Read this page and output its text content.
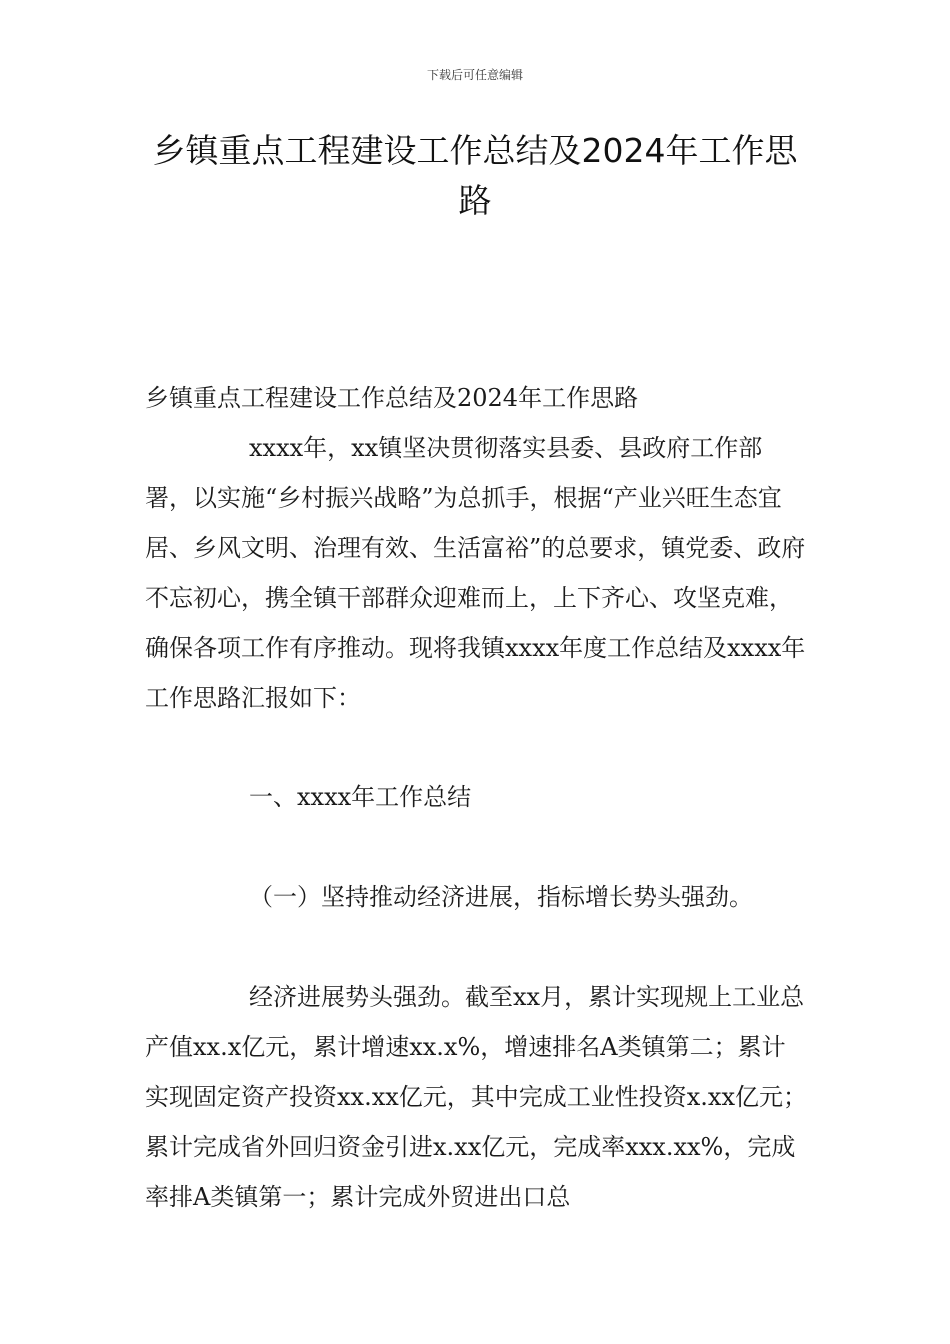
下载后可任意编辑
乡镇重点工程建设工作总结及2024年工作思路

乡镇重点工程建设工作总结及2024年工作思路

xxxx年，xx镇坚决贯彻落实县委、县政府工作部署，以实施“乡村振兴战略”为总抓手，根据“产业兴旺生态宜居、乡风文明、治理有效、生活富裕”的总要求，镇党委、政府不忘初心，携全镇干部群众迎难而上，上下齐心、攻坚克难，确保各项工作有序推动。现将我镇xxxx年度工作总结及xxxx年工作思路汇报如下：

一、xxxx年工作总结

（一）坚持推动经济进展，指标增长势头强劲。

经济进展势头强劲。截至xx月，累计实现规上工业总产值xx.x亿元，累计增速xx.x%，增速排名A类镇第二；累计实现固定资产投资xx.xx亿元，其中完成工业性投资x.xx亿元；累计完成省外回归资金引进x.xx亿元，完成率xxx.xx%，完成率排A类镇第一；累计完成外贸进出口总
